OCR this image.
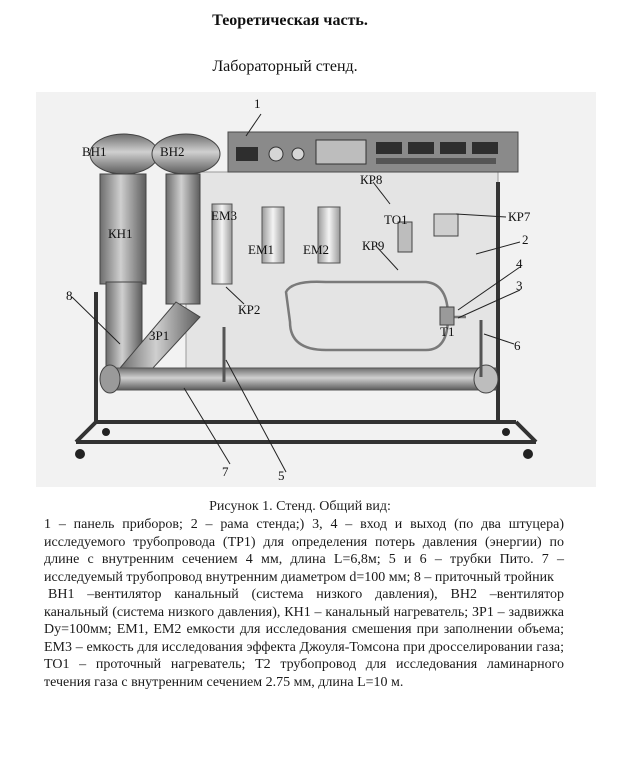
Теоретическая часть.
Лабораторный стенд.
1
ВН1	ВН2
КН1
8
ЗР1
ЕМ3
ЕМ1 ЕМ2
КР2
КР8
ТО1
КР9
КР7
2
4
3
Т1
6
7	5
Рисунок 1. Стенд. Общий вид:

1 – панель приборов; 2 – рама стенда;) 3, 4 – вход и выход (по два штуцера) исследуемого трубопровода (ТР1) для определения потерь давления (энергии) по длине с внутренним сечением 4 мм, длина L=6,8м; 5 и 6 – трубки Пито. 7 – исследуемый трубопровод внутренним диаметром d=100 мм; 8 – приточный тройник

ВН1 –вентилятор канальный (система низкого давления), ВН2 –вентилятор канальный (система низкого давления), КН1 – канальный нагреватель; ЗР1 – задвижка Dу=100мм; ЕМ1, ЕМ2 емкости для исследования смешения при заполнении объема; ЕМ3 – емкость для исследования эффекта Джоуля-Томсона при дросселировании газа; ТО1 – проточный нагреватель; Т2 трубопровод для исследования ламинарного течения газа с внутренним сечением 2.75 мм, длина L=10 м.
